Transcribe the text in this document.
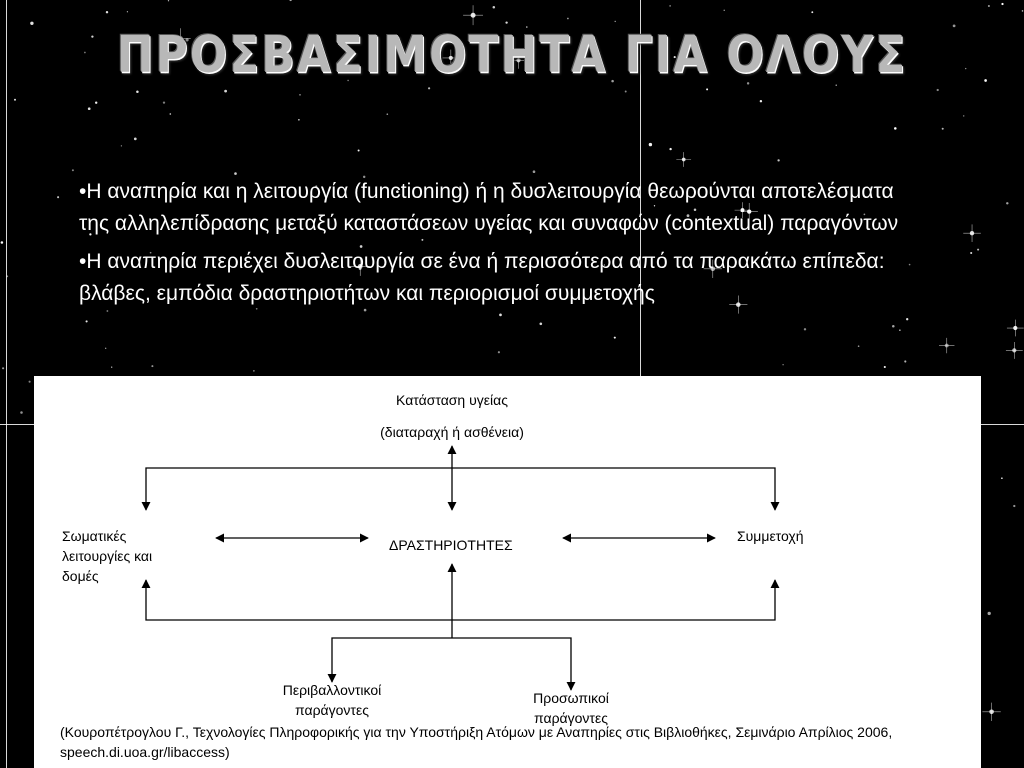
ΠΡΟΣΒΑΣΙΜΟΤΗΤΑ ΓΙΑ ΟΛΟΥΣ

•Η αναπηρία και η λειτουργία (functioning) ή η δυσλειτουργία θεωρούνται αποτελέσματα της αλληλεπίδρασης μεταξύ καταστάσεων υγείας και συναφών (contextual) παραγόντων

•Η αναπηρία περιέχει δυσλειτουργία σε ένα ή περισσότερα από τα παρακάτω επίπεδα: βλάβες, εμπόδια δραστηριοτήτων και περιορισμοί συμμετοχής

Κατάσταση υγείας
(διαταραχή ή ασθένεια)
Σωματικές λειτουργίες και δομές
ΔΡΑΣΤΗΡΙΟΤΗΤΕΣ
Συμμετοχή
Περιβαλλοντικοί παράγοντες
Προσωπικοί παράγοντες
(Κουροπέτρογλου Γ., Τεχνολογίες Πληροφορικής για την Υποστήριξη Ατόμων με Αναπηρίες στις Βιβλιοθήκες, Σεμινάριο Απρίλιος 2006, speech.di.uoa.gr/libaccess)
